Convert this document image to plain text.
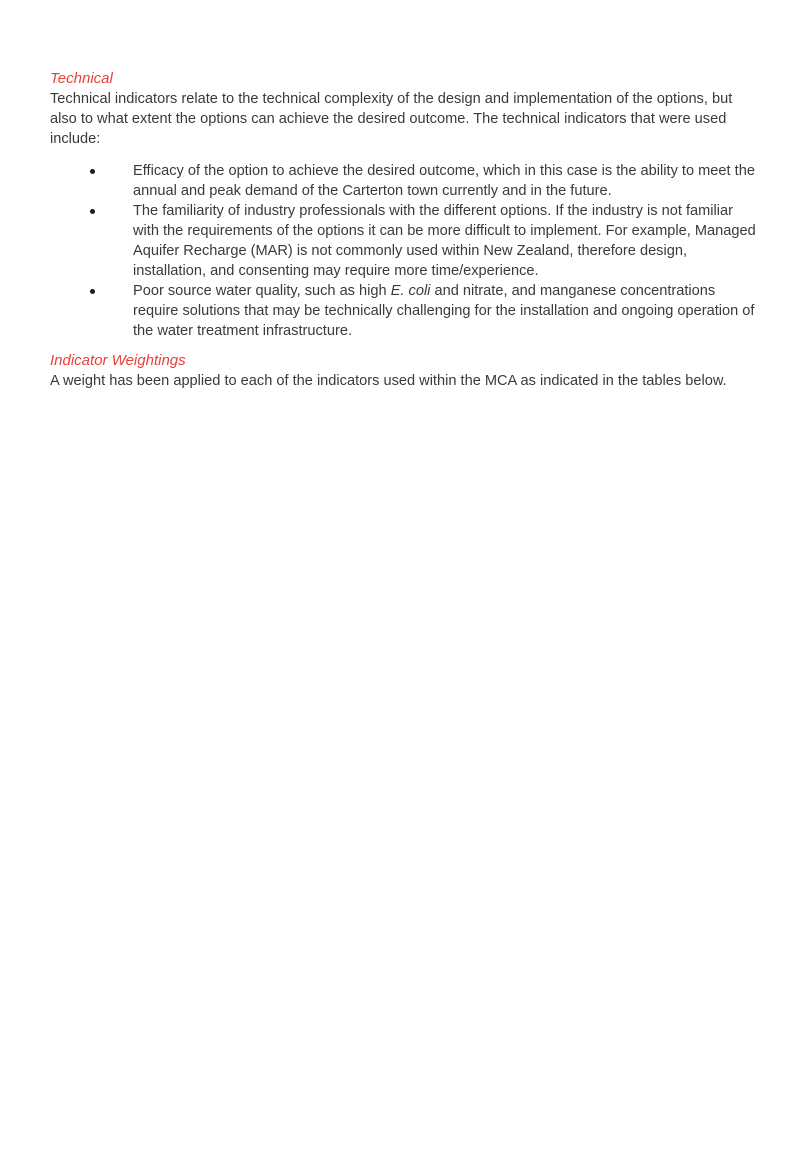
Technical

Technical indicators relate to the technical complexity of the design and implementation of the options, but also to what extent the options can achieve the desired outcome. The technical indicators that were used include:

Efficacy of the option to achieve the desired outcome, which in this case is the ability to meet the annual and peak demand of the Carterton town currently and in the future.
The familiarity of industry professionals with the different options. If the industry is not familiar with the requirements of the options it can be more difficult to implement. For example, Managed Aquifer Recharge (MAR) is not commonly used within New Zealand, therefore design, installation, and consenting may require more time/experience.
Poor source water quality, such as high E. coli and nitrate, and manganese concentrations require solutions that may be technically challenging for the installation and ongoing operation of the water treatment infrastructure.
Indicator Weightings

A weight has been applied to each of the indicators used within the MCA as indicated in the tables below.
